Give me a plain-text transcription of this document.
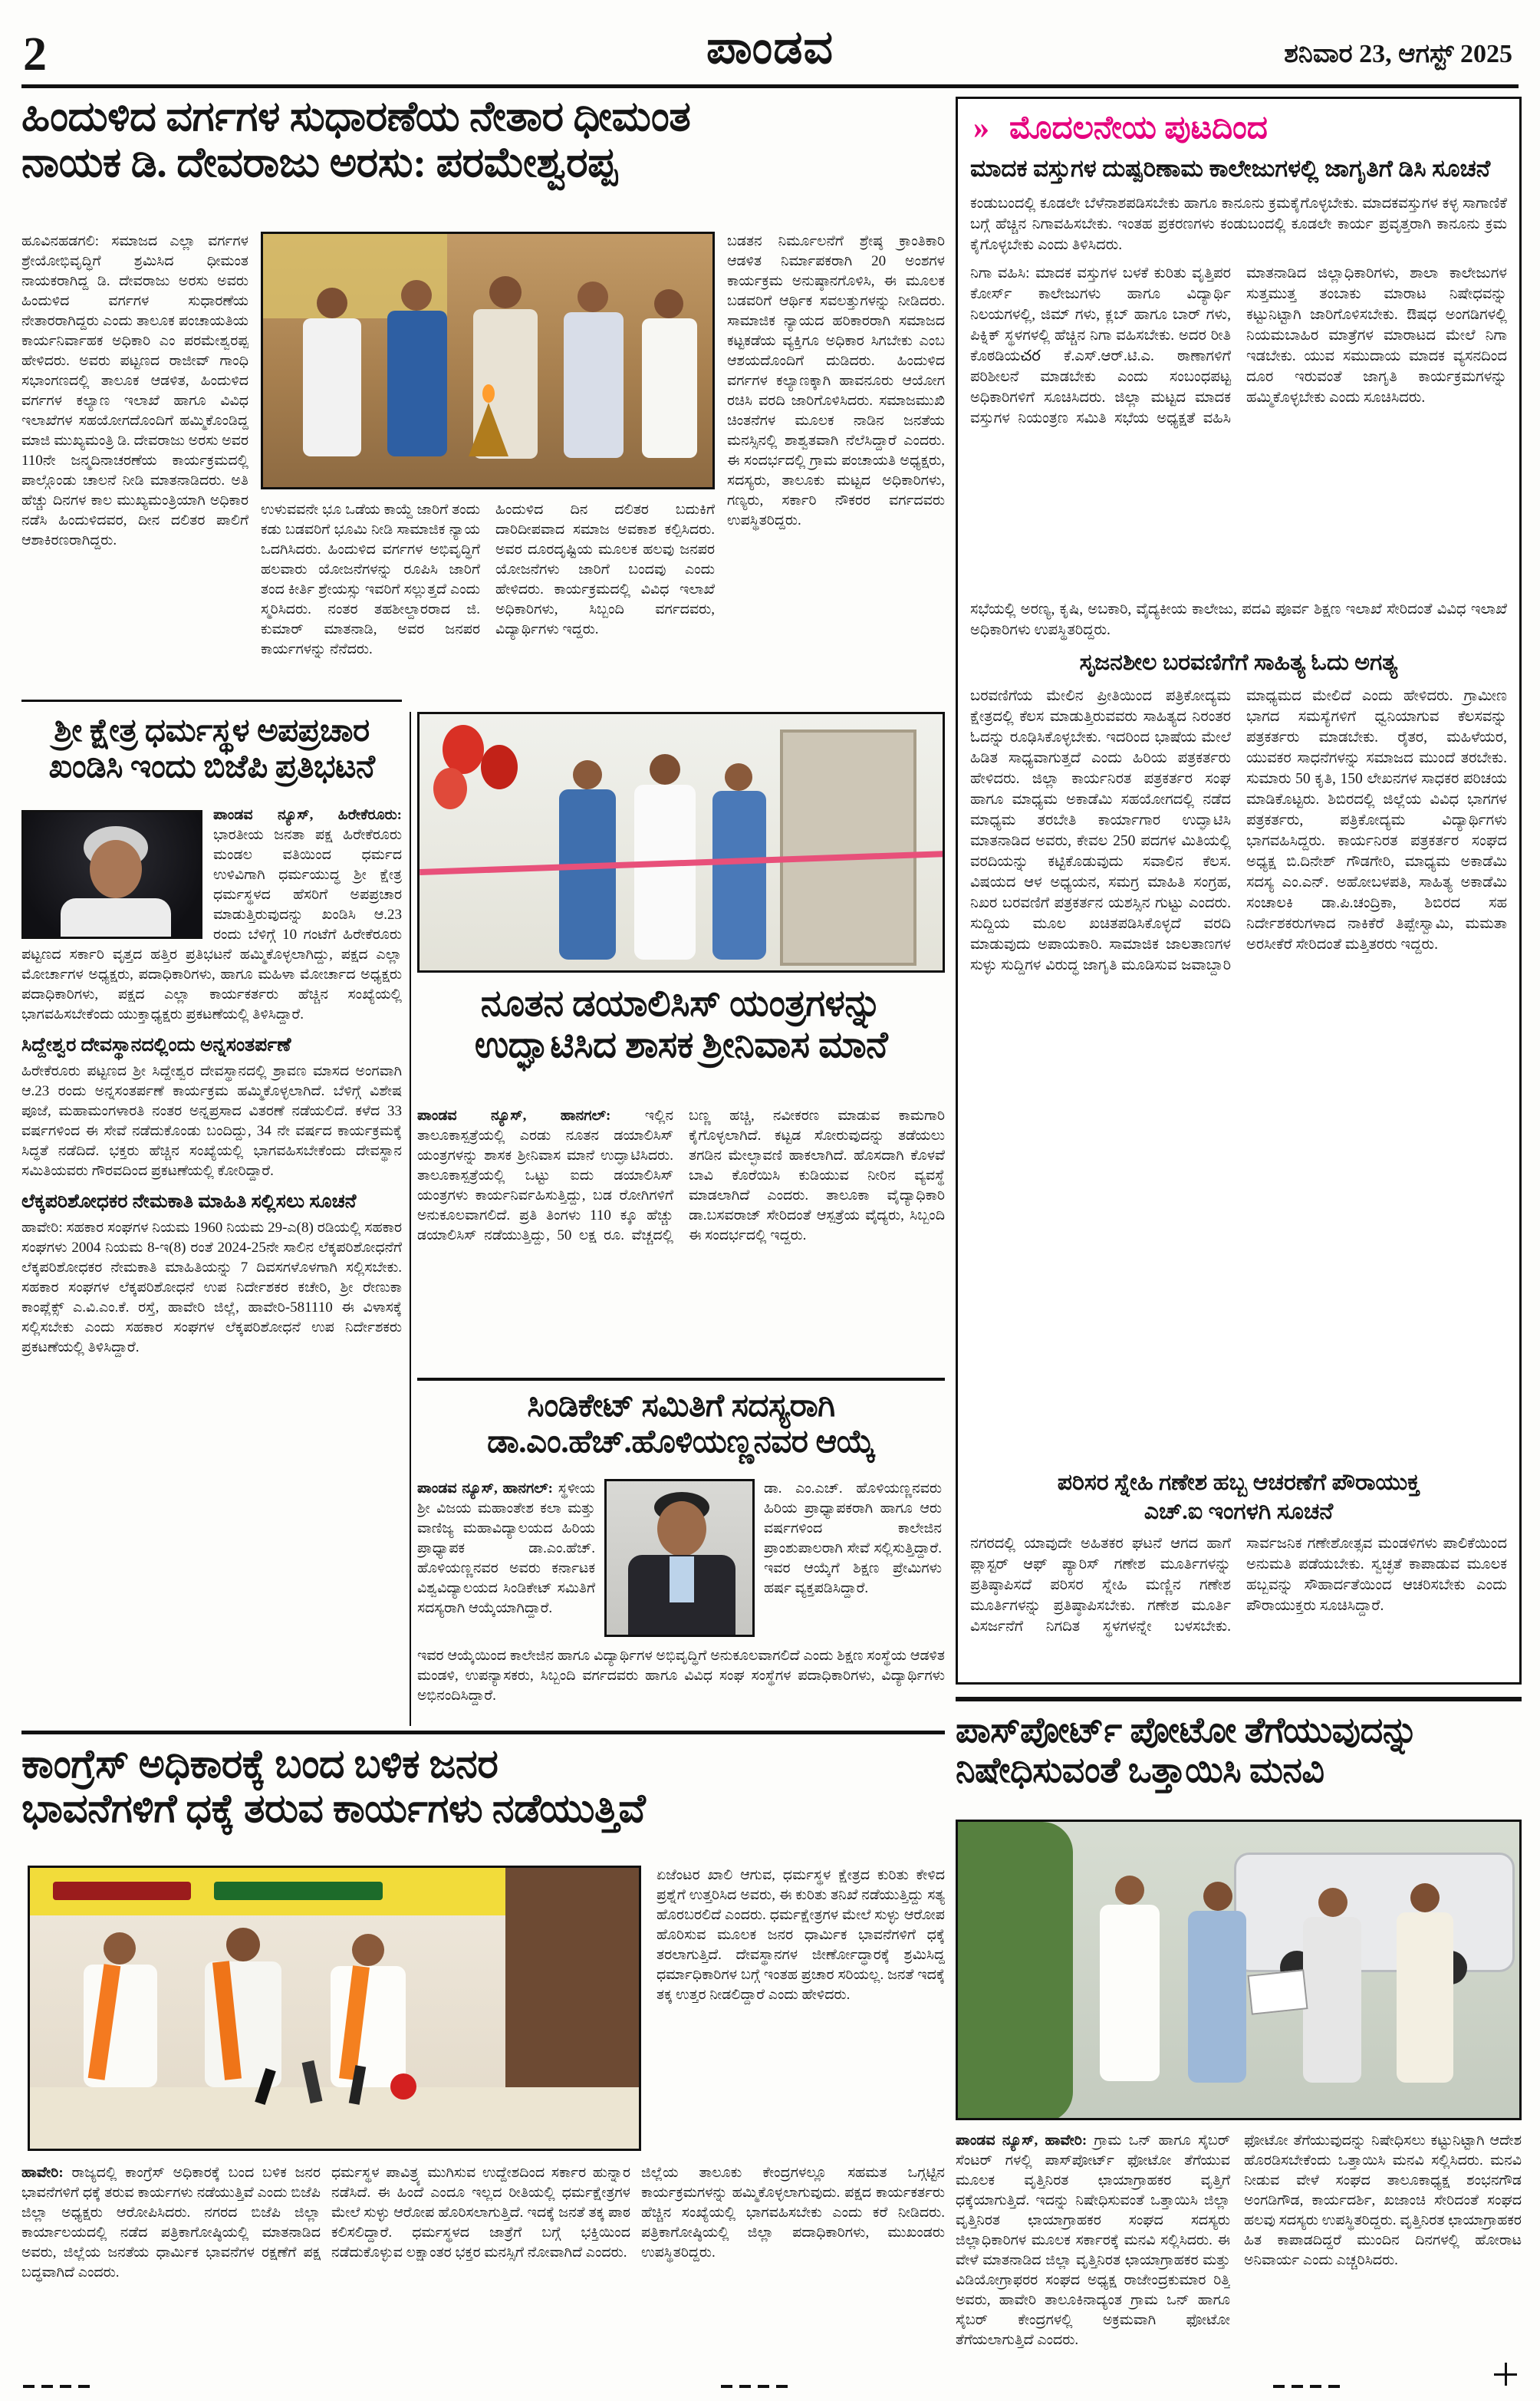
2	ಪಾಂಡವ	ಶನಿವಾರ 23, ಆಗಸ್ಟ್ 2025
ಹಿಂದುಳಿದ ವರ್ಗಗಳ ಸುಧಾರಣೆಯ ನೇತಾರ ಧೀಮಂತ
ನಾಯಕ ಡಿ. ದೇವರಾಜು ಅರಸು: ಪರಮೇಶ್ವರಪ್ಪ
ಹೂವಿನಹಡಗಲಿ: ಸಮಾಜದ ಎಲ್ಲಾ ವರ್ಗಗಳ ಶ್ರೇಯೋಭಿವೃದ್ಧಿಗೆ ಶ್ರಮಿಸಿದ ಧೀಮಂತ ನಾಯಕರಾಗಿದ್ದ ಡಿ. ದೇವರಾಜು ಅರಸು ಅವರು ಹಿಂದುಳಿದ ವರ್ಗಗಳ ಸುಧಾರಣೆಯ ನೇತಾರರಾಗಿದ್ದರು ಎಂದು ತಾಲೂಕ ಪಂಚಾಯತಿಯ ಕಾರ್ಯನಿರ್ವಾಹಕ ಅಧಿಕಾರಿ ಎಂ ಪರಮೇಶ್ವರಪ್ಪ ಹೇಳಿದರು. ಅವರು ಪಟ್ಟಣದ ರಾಜೀವ್ ಗಾಂಧಿ ಸಭಾಂಗಣದಲ್ಲಿ ತಾಲೂಕ ಆಡಳಿತ, ಹಿಂದುಳಿದ ವರ್ಗಗಳ ಕಲ್ಯಾಣ ಇಲಾಖೆ ಹಾಗೂ ವಿವಿಧ ಇಲಾಖೆಗಳ ಸಹಯೋಗದೊಂದಿಗೆ ಹಮ್ಮಿಕೊಂಡಿದ್ದ ಮಾಜಿ ಮುಖ್ಯಮಂತ್ರಿ ಡಿ. ದೇವರಾಜು ಅರಸು ಅವರ 110ನೇ ಜನ್ಮದಿನಾಚರಣೆಯ ಕಾರ್ಯಕ್ರಮದಲ್ಲಿ ಪಾಲ್ಗೊಂಡು ಚಾಲನೆ ನೀಡಿ ಮಾತನಾಡಿದರು. ಅತಿ ಹೆಚ್ಚು ದಿನಗಳ ಕಾಲ ಮುಖ್ಯಮಂತ್ರಿಯಾಗಿ ಅಧಿಕಾರ ನಡೆಸಿ ಹಿಂದುಳಿದವರ, ದೀನ ದಲಿತರ ಪಾಲಿಗೆ ಆಶಾಕಿರಣರಾಗಿದ್ದರು.
ಉಳುವವನೇ ಭೂ ಒಡೆಯ ಕಾಯ್ದೆ ಜಾರಿಗೆ ತಂದು ಕಡು ಬಡವರಿಗೆ ಭೂಮಿ ನೀಡಿ ಸಾಮಾಜಿಕ ನ್ಯಾಯ ಒದಗಿಸಿದರು. ಹಿಂದುಳಿದ ವರ್ಗಗಳ ಅಭಿವೃದ್ಧಿಗೆ ಹಲವಾರು ಯೋಜನೆಗಳನ್ನು ರೂಪಿಸಿ ಜಾರಿಗೆ ತಂದ ಕೀರ್ತಿ ಶ್ರೇಯಸ್ಸು ಇವರಿಗೆ ಸಲ್ಲುತ್ತದೆ ಎಂದು ಸ್ಮರಿಸಿದರು. ನಂತರ ತಹಶೀಲ್ದಾರರಾದ ಜಿ. ಕುಮಾರ್ ಮಾತನಾಡಿ, ಅವರ ಜನಪರ ಕಾರ್ಯಗಳನ್ನು ನೆನೆದರು.
ಹಿಂದುಳಿದ ದಿನ ದಲಿತರ ಬದುಕಿಗೆ ದಾರಿದೀಪವಾದ ಸಮಾಜ ಅವಕಾಶ ಕಲ್ಪಿಸಿದರು. ಅವರ ದೂರದೃಷ್ಟಿಯ ಮೂಲಕ ಹಲವು ಜನಪರ ಯೋಜನೆಗಳು ಜಾರಿಗೆ ಬಂದವು ಎಂದು ಹೇಳಿದರು. ಕಾರ್ಯಕ್ರಮದಲ್ಲಿ ವಿವಿಧ ಇಲಾಖೆ ಅಧಿಕಾರಿಗಳು, ಸಿಬ್ಬಂದಿ ವರ್ಗದವರು, ವಿದ್ಯಾರ್ಥಿಗಳು ಇದ್ದರು.
ಬಡತನ ನಿರ್ಮೂಲನೆಗೆ ಶ್ರೇಷ್ಠ ಕ್ರಾಂತಿಕಾರಿ ಆಡಳಿತ ನಿರ್ಮಾಪಕರಾಗಿ 20 ಅಂಶಗಳ ಕಾರ್ಯಕ್ರಮ ಅನುಷ್ಠಾನಗೊಳಿಸಿ, ಈ ಮೂಲಕ ಬಡವರಿಗೆ ಆರ್ಥಿಕ ಸವಲತ್ತುಗಳನ್ನು ನೀಡಿದರು. ಸಾಮಾಜಿಕ ನ್ಯಾಯದ ಹರಿಕಾರರಾಗಿ ಸಮಾಜದ ಕಟ್ಟಕಡೆಯ ವ್ಯಕ್ತಿಗೂ ಅಧಿಕಾರ ಸಿಗಬೇಕು ಎಂಬ ಆಶಯದೊಂದಿಗೆ ದುಡಿದರು. ಹಿಂದುಳಿದ ವರ್ಗಗಳ ಕಲ್ಯಾಣಕ್ಕಾಗಿ ಹಾವನೂರು ಆಯೋಗ ರಚಿಸಿ ವರದಿ ಜಾರಿಗೊಳಿಸಿದರು. ಸಮಾಜಮುಖಿ ಚಿಂತನೆಗಳ ಮೂಲಕ ನಾಡಿನ ಜನತೆಯ ಮನಸ್ಸಿನಲ್ಲಿ ಶಾಶ್ವತವಾಗಿ ನೆಲೆಸಿದ್ದಾರೆ ಎಂದರು. ಈ ಸಂದರ್ಭದಲ್ಲಿ ಗ್ರಾಮ ಪಂಚಾಯತಿ ಅಧ್ಯಕ್ಷರು, ಸದಸ್ಯರು, ತಾಲೂಕು ಮಟ್ಟದ ಅಧಿಕಾರಿಗಳು, ಗಣ್ಯರು, ಸರ್ಕಾರಿ ನೌಕರರ ವರ್ಗದವರು ಉಪಸ್ಥಿತರಿದ್ದರು.
ಶ್ರೀ ಕ್ಷೇತ್ರ ಧರ್ಮಸ್ಥಳ ಅಪಪ್ರಚಾರ
ಖಂಡಿಸಿ ಇಂದು ಬಿಜೆಪಿ ಪ್ರತಿಭಟನೆ

ಪಾಂಡವ ನ್ಯೂಸ್, ಹಿರೇಕೆರೂರು: ಭಾರತೀಯ ಜನತಾ ಪಕ್ಷ ಹಿರೇಕೆರೂರು ಮಂಡಲ ವತಿಯಿಂದ ಧರ್ಮದ ಉಳಿವಿಗಾಗಿ ಧರ್ಮಯುದ್ಧ ಶ್ರೀ ಕ್ಷೇತ್ರ ಧರ್ಮಸ್ಥಳದ ಹೆಸರಿಗೆ ಅಪಪ್ರಚಾರ ಮಾಡುತ್ತಿರುವುದನ್ನು ಖಂಡಿಸಿ ಆ.23 ರಂದು ಬೆಳಿಗ್ಗೆ 10 ಗಂಟೆಗೆ ಹಿರೇಕೆರೂರು ಪಟ್ಟಣದ ಸರ್ಕಾರಿ ವೃತ್ತದ ಹತ್ತಿರ ಪ್ರತಿಭಟನೆ ಹಮ್ಮಿಕೊಳ್ಳಲಾಗಿದ್ದು, ಪಕ್ಷದ ಎಲ್ಲಾ ಮೋರ್ಚಾಗಳ ಅಧ್ಯಕ್ಷರು, ಪದಾಧಿಕಾರಿಗಳು, ಹಾಗೂ ಮಹಿಳಾ ಮೋರ್ಚಾದ ಅಧ್ಯಕ್ಷರು ಪದಾಧಿಕಾರಿಗಳು, ಪಕ್ಷದ ಎಲ್ಲಾ ಕಾರ್ಯಕರ್ತರು ಹೆಚ್ಚಿನ ಸಂಖ್ಯೆಯಲ್ಲಿ ಭಾಗವಹಿಸಬೇಕೆಂದು ಯುಕ್ತಾಧ್ಯಕ್ಷರು ಪ್ರಕಟಣೆಯಲ್ಲಿ ತಿಳಿಸಿದ್ದಾರೆ.

ಸಿದ್ದೇಶ್ವರ ದೇವಸ್ಥಾನದಲ್ಲಿಂದು ಅನ್ನಸಂತರ್ಪಣೆ

ಹಿರೇಕೆರೂರು ಪಟ್ಟಣದ ಶ್ರೀ ಸಿದ್ದೇಶ್ವರ ದೇವಸ್ಥಾನದಲ್ಲಿ ಶ್ರಾವಣ ಮಾಸದ ಅಂಗವಾಗಿ ಆ.23 ರಂದು ಅನ್ನಸಂತರ್ಪಣೆ ಕಾರ್ಯಕ್ರಮ ಹಮ್ಮಿಕೊಳ್ಳಲಾಗಿದೆ. ಬೆಳಿಗ್ಗೆ ವಿಶೇಷ ಪೂಜೆ, ಮಹಾಮಂಗಳಾರತಿ ನಂತರ ಅನ್ನಪ್ರಸಾದ ವಿತರಣೆ ನಡೆಯಲಿದೆ. ಕಳೆದ 33 ವರ್ಷಗಳಿಂದ ಈ ಸೇವೆ ನಡೆದುಕೊಂಡು ಬಂದಿದ್ದು, 34 ನೇ ವರ್ಷದ ಕಾರ್ಯಕ್ರಮಕ್ಕೆ ಸಿದ್ಧತೆ ನಡೆದಿದೆ. ಭಕ್ತರು ಹೆಚ್ಚಿನ ಸಂಖ್ಯೆಯಲ್ಲಿ ಭಾಗವಹಿಸಬೇಕೆಂದು ದೇವಸ್ಥಾನ ಸಮಿತಿಯವರು ಗೌರವದಿಂದ ಪ್ರಕಟಣೆಯಲ್ಲಿ ಕೋರಿದ್ದಾರೆ.

ಲೆಕ್ಕಪರಿಶೋಧಕರ ನೇಮಕಾತಿ ಮಾಹಿತಿ ಸಲ್ಲಿಸಲು ಸೂಚನೆ

ಹಾವೇರಿ: ಸಹಕಾರ ಸಂಘಗಳ ನಿಯಮ 1960 ನಿಯಮ 29-ಎ(8) ರಡಿಯಲ್ಲಿ ಸಹಕಾರ ಸಂಘಗಳು 2004 ನಿಯಮ 8-ಇ(8) ರಂತೆ 2024-25ನೇ ಸಾಲಿನ ಲೆಕ್ಕಪರಿಶೋಧನೆಗೆ ಲೆಕ್ಕಪರಿಶೋಧಕರ ನೇಮಕಾತಿ ಮಾಹಿತಿಯನ್ನು 7 ದಿವಸಗಳೊಳಗಾಗಿ ಸಲ್ಲಿಸಬೇಕು. ಸಹಕಾರ ಸಂಘಗಳ ಲೆಕ್ಕಪರಿಶೋಧನೆ ಉಪ ನಿರ್ದೇಶಕರ ಕಚೇರಿ, ಶ್ರೀ ರೇಣುಕಾ ಕಾಂಪ್ಲೆಕ್ಸ್ ಎ.ವಿ.ಎಂ.ಕೆ. ರಸ್ತೆ, ಹಾವೇರಿ ಜಿಲ್ಲೆ, ಹಾವೇರಿ-581110 ಈ ವಿಳಾಸಕ್ಕೆ ಸಲ್ಲಿಸಬೇಕು ಎಂದು ಸಹಕಾರ ಸಂಘಗಳ ಲೆಕ್ಕಪರಿಶೋಧನೆ ಉಪ ನಿರ್ದೇಶಕರು ಪ್ರಕಟಣೆಯಲ್ಲಿ ತಿಳಿಸಿದ್ದಾರೆ.

ನೂತನ ಡಯಾಲಿಸಿಸ್ ಯಂತ್ರಗಳನ್ನು
ಉದ್ಘಾಟಿಸಿದ ಶಾಸಕ ಶ್ರೀನಿವಾಸ ಮಾನೆ

ಪಾಂಡವ ನ್ಯೂಸ್, ಹಾನಗಲ್: ಇಲ್ಲಿನ ತಾಲೂಕಾಸ್ಪತ್ರೆಯಲ್ಲಿ ಎರಡು ನೂತನ ಡಯಾಲಿಸಿಸ್ ಯಂತ್ರಗಳನ್ನು ಶಾಸಕ ಶ್ರೀನಿವಾಸ ಮಾನೆ ಉದ್ಘಾಟಿಸಿದರು. ತಾಲೂಕಾಸ್ಪತ್ರೆಯಲ್ಲಿ ಒಟ್ಟು ಐದು ಡಯಾಲಿಸಿಸ್ ಯಂತ್ರಗಳು ಕಾರ್ಯನಿರ್ವಹಿಸುತ್ತಿದ್ದು, ಬಡ ರೋಗಿಗಳಿಗೆ ಅನುಕೂಲವಾಗಲಿದೆ. ಪ್ರತಿ ತಿಂಗಳು 110 ಕ್ಕೂ ಹೆಚ್ಚು ಡಯಾಲಿಸಿಸ್ ನಡೆಯುತ್ತಿದ್ದು, 50 ಲಕ್ಷ ರೂ. ವೆಚ್ಚದಲ್ಲಿ ಬಣ್ಣ ಹಚ್ಚಿ, ನವೀಕರಣ ಮಾಡುವ ಕಾಮಗಾರಿ ಕೈಗೊಳ್ಳಲಾಗಿದೆ. ಕಟ್ಟಡ ಸೋರುವುದನ್ನು ತಡೆಯಲು ತಗಡಿನ ಮೇಲ್ಛಾವಣಿ ಹಾಕಲಾಗಿದೆ. ಹೊಸದಾಗಿ ಕೊಳವೆ ಬಾವಿ ಕೊರೆಯಿಸಿ ಕುಡಿಯುವ ನೀರಿನ ವ್ಯವಸ್ಥೆ ಮಾಡಲಾಗಿದೆ ಎಂದರು. ತಾಲೂಕಾ ವೈದ್ಯಾಧಿಕಾರಿ ಡಾ.ಬಸವರಾಜ್ ಸೇರಿದಂತೆ ಆಸ್ಪತ್ರೆಯ ವೈದ್ಯರು, ಸಿಬ್ಬಂದಿ ಈ ಸಂದರ್ಭದಲ್ಲಿ ಇದ್ದರು.

ಸಿಂಡಿಕೇಟ್ ಸಮಿತಿಗೆ ಸದಸ್ಯರಾಗಿ
ಡಾ.ಎಂ.ಹೆಚ್.ಹೊಳಿಯಣ್ಣನವರ ಆಯ್ಕೆ

ಪಾಂಡವ ನ್ಯೂಸ್, ಹಾನಗಲ್: ಸ್ಥಳೀಯ ಶ್ರೀ ವಿಜಯ ಮಹಾಂತೇಶ ಕಲಾ ಮತ್ತು ವಾಣಿಜ್ಯ ಮಹಾವಿದ್ಯಾಲಯದ ಹಿರಿಯ ಪ್ರಾಧ್ಯಾಪಕ ಡಾ.ಎಂ.ಹೆಚ್. ಹೊಳಿಯಣ್ಣನವರ ಅವರು ಕರ್ನಾಟಕ ವಿಶ್ವವಿದ್ಯಾಲಯದ ಸಿಂಡಿಕೇಟ್ ಸಮಿತಿಗೆ ಸದಸ್ಯರಾಗಿ ಆಯ್ಕೆಯಾಗಿದ್ದಾರೆ.

ಡಾ. ಎಂ.ಎಚ್. ಹೊಳಿಯಣ್ಣನವರು ಹಿರಿಯ ಪ್ರಾಧ್ಯಾಪಕರಾಗಿ ಹಾಗೂ ಆರು ವರ್ಷಗಳಿಂದ ಕಾಲೇಜಿನ ಪ್ರಾಂಶುಪಾಲರಾಗಿ ಸೇವೆ ಸಲ್ಲಿಸುತ್ತಿದ್ದಾರೆ. ಇವರ ಆಯ್ಕೆಗೆ ಶಿಕ್ಷಣ ಪ್ರೇಮಿಗಳು ಹರ್ಷ ವ್ಯಕ್ತಪಡಿಸಿದ್ದಾರೆ.
ಇವರ ಆಯ್ಕೆಯಿಂದ ಕಾಲೇಜಿನ ಹಾಗೂ ವಿದ್ಯಾರ್ಥಿಗಳ ಅಭಿವೃದ್ಧಿಗೆ ಅನುಕೂಲವಾಗಲಿದೆ ಎಂದು ಶಿಕ್ಷಣ ಸಂಸ್ಥೆಯ ಆಡಳಿತ ಮಂಡಳಿ, ಉಪನ್ಯಾಸಕರು, ಸಿಬ್ಬಂದಿ ವರ್ಗದವರು ಹಾಗೂ ವಿವಿಧ ಸಂಘ ಸಂಸ್ಥೆಗಳ ಪದಾಧಿಕಾರಿಗಳು, ವಿದ್ಯಾರ್ಥಿಗಳು ಅಭಿನಂದಿಸಿದ್ದಾರೆ.
ಕಾಂಗ್ರೆಸ್ ಅಧಿಕಾರಕ್ಕೆ ಬಂದ ಬಳಿಕ ಜನರ
ಭಾವನೆಗಳಿಗೆ ಧಕ್ಕೆ ತರುವ ಕಾರ್ಯಗಳು ನಡೆಯುತ್ತಿವೆ
ಏಜೆಂಟರ ಖಾಲಿ ಆಗುವ, ಧರ್ಮಸ್ಥಳ ಕ್ಷೇತ್ರದ ಕುರಿತು ಕೇಳಿದ ಪ್ರಶ್ನೆಗೆ ಉತ್ತರಿಸಿದ ಅವರು, ಈ ಕುರಿತು ತನಿಖೆ ನಡೆಯುತ್ತಿದ್ದು ಸತ್ಯ ಹೊರಬರಲಿದೆ ಎಂದರು. ಧರ್ಮಕ್ಷೇತ್ರಗಳ ಮೇಲೆ ಸುಳ್ಳು ಆರೋಪ ಹೊರಿಸುವ ಮೂಲಕ ಜನರ ಧಾರ್ಮಿಕ ಭಾವನೆಗಳಿಗೆ ಧಕ್ಕೆ ತರಲಾಗುತ್ತಿದೆ. ದೇವಸ್ಥಾನಗಳ ಜೀರ್ಣೋದ್ಧಾರಕ್ಕೆ ಶ್ರಮಿಸಿದ್ದ ಧರ್ಮಾಧಿಕಾರಿಗಳ ಬಗ್ಗೆ ಇಂತಹ ಪ್ರಚಾರ ಸರಿಯಲ್ಲ. ಜನತೆ ಇದಕ್ಕೆ ತಕ್ಕ ಉತ್ತರ ನೀಡಲಿದ್ದಾರೆ ಎಂದು ಹೇಳಿದರು.

ಹಾವೇರಿ: ರಾಜ್ಯದಲ್ಲಿ ಕಾಂಗ್ರೆಸ್ ಅಧಿಕಾರಕ್ಕೆ ಬಂದ ಬಳಿಕ ಜನರ ಭಾವನೆಗಳಿಗೆ ಧಕ್ಕೆ ತರುವ ಕಾರ್ಯಗಳು ನಡೆಯುತ್ತಿವೆ ಎಂದು ಬಿಜೆಪಿ ಜಿಲ್ಲಾ ಅಧ್ಯಕ್ಷರು ಆರೋಪಿಸಿದರು. ನಗರದ ಬಿಜೆಪಿ ಜಿಲ್ಲಾ ಕಾರ್ಯಾಲಯದಲ್ಲಿ ನಡೆದ ಪತ್ರಿಕಾಗೋಷ್ಠಿಯಲ್ಲಿ ಮಾತನಾಡಿದ ಅವರು, ಜಿಲ್ಲೆಯ ಜನತೆಯ ಧಾರ್ಮಿಕ ಭಾವನೆಗಳ ರಕ್ಷಣೆಗೆ ಪಕ್ಷ ಬದ್ಧವಾಗಿದೆ ಎಂದರು.

ಧರ್ಮಸ್ಥಳ ಪಾವಿತ್ರ್ಯ ಮುಗಿಸುವ ಉದ್ದೇಶದಿಂದ ಸರ್ಕಾರ ಹುನ್ನಾರ ನಡೆಸಿದೆ. ಈ ಹಿಂದೆ ಎಂದೂ ಇಲ್ಲದ ರೀತಿಯಲ್ಲಿ ಧರ್ಮಕ್ಷೇತ್ರಗಳ ಮೇಲೆ ಸುಳ್ಳು ಆರೋಪ ಹೊರಿಸಲಾಗುತ್ತಿದೆ. ಇದಕ್ಕೆ ಜನತೆ ತಕ್ಕ ಪಾಠ ಕಲಿಸಲಿದ್ದಾರೆ. ಧರ್ಮಸ್ಥಳದ ಜಾತ್ರೆಗೆ ಬಗ್ಗೆ ಭಕ್ತಿಯಿಂದ ನಡೆದುಕೊಳ್ಳುವ ಲಕ್ಷಾಂತರ ಭಕ್ತರ ಮನಸ್ಸಿಗೆ ನೋವಾಗಿದೆ ಎಂದರು.
ಜಿಲ್ಲೆಯ ತಾಲೂಕು ಕೇಂದ್ರಗಳಲ್ಲೂ ಸಹಮತ ಒಗ್ಗಟ್ಟಿನ ಕಾರ್ಯಕ್ರಮಗಳನ್ನು ಹಮ್ಮಿಕೊಳ್ಳಲಾಗುವುದು. ಪಕ್ಷದ ಕಾರ್ಯಕರ್ತರು ಹೆಚ್ಚಿನ ಸಂಖ್ಯೆಯಲ್ಲಿ ಭಾಗವಹಿಸಬೇಕು ಎಂದು ಕರೆ ನೀಡಿದರು. ಪತ್ರಿಕಾಗೋಷ್ಠಿಯಲ್ಲಿ ಜಿಲ್ಲಾ ಪದಾಧಿಕಾರಿಗಳು, ಮುಖಂಡರು ಉಪಸ್ಥಿತರಿದ್ದರು.
» ಮೊದಲನೇಯ ಪುಟದಿಂದ
ಮಾದಕ ವಸ್ತುಗಳ ದುಷ್ಪರಿಣಾಮ ಕಾಲೇಜುಗಳಲ್ಲಿ ಜಾಗೃತಿಗೆ ಡಿಸಿ ಸೂಚನೆ
ಕಂಡುಬಂದಲ್ಲಿ ಕೂಡಲೇ ಬೆಳೆನಾಶಪಡಿಸಬೇಕು ಹಾಗೂ ಕಾನೂನು ಕ್ರಮಕೈಗೊಳ್ಳಬೇಕು. ಮಾದಕವಸ್ತುಗಳ ಕಳ್ಳ ಸಾಗಾಣಿಕೆ ಬಗ್ಗೆ ಹೆಚ್ಚಿನ ನಿಗಾವಹಿಸಬೇಕು. ಇಂತಹ ಪ್ರಕರಣಗಳು ಕಂಡುಬಂದಲ್ಲಿ ಕೂಡಲೇ ಕಾರ್ಯ ಪ್ರವೃತ್ತರಾಗಿ ಕಾನೂನು ಕ್ರಮ ಕೈಗೊಳ್ಳಬೇಕು ಎಂದು ತಿಳಿಸಿದರು.
ನಿಗಾ ವಹಿಸಿ: ಮಾದಕ ವಸ್ತುಗಳ ಬಳಕೆ ಕುರಿತು ವೃತ್ತಿಪರ ಕೋರ್ಸ್ ಕಾಲೇಜುಗಳು ಹಾಗೂ ವಿದ್ಯಾರ್ಥಿ ನಿಲಯಗಳಲ್ಲಿ, ಜಿಮ್ ಗಳು, ಕ್ಲಬ್ ಹಾಗೂ ಬಾರ್ ಗಳು, ಪಿಕ್ನಿಕ್ ಸ್ಥಳಗಳಲ್ಲಿ ಹೆಚ್ಚಿನ ನಿಗಾ ವಹಿಸಬೇಕು. ಅದರ ರೀತಿ ಕೊಠಡಿಯచర ಕೆ.ಎಸ್.ಆರ್.ಟಿ.ಎ. ಠಾಣಾಗಳಿಗೆ ಪರಿಶೀಲನೆ ಮಾಡಬೇಕು ಎಂದು ಸಂಬಂಧಪಟ್ಟ ಅಧಿಕಾರಿಗಳಿಗೆ ಸೂಚಿಸಿದರು. ಜಿಲ್ಲಾ ಮಟ್ಟದ ಮಾದಕ ವಸ್ತುಗಳ ನಿಯಂತ್ರಣ ಸಮಿತಿ ಸಭೆಯ ಅಧ್ಯಕ್ಷತೆ ವಹಿಸಿ ಮಾತನಾಡಿದ ಜಿಲ್ಲಾಧಿಕಾರಿಗಳು, ಶಾಲಾ ಕಾಲೇಜುಗಳ ಸುತ್ತಮುತ್ತ ತಂಬಾಕು ಮಾರಾಟ ನಿಷೇಧವನ್ನು ಕಟ್ಟುನಿಟ್ಟಾಗಿ ಜಾರಿಗೊಳಿಸಬೇಕು. ಔಷಧ ಅಂಗಡಿಗಳಲ್ಲಿ ನಿಯಮಬಾಹಿರ ಮಾತ್ರೆಗಳ ಮಾರಾಟದ ಮೇಲೆ ನಿಗಾ ಇಡಬೇಕು. ಯುವ ಸಮುದಾಯ ಮಾದಕ ವ್ಯಸನದಿಂದ ದೂರ ಇರುವಂತೆ ಜಾಗೃತಿ ಕಾರ್ಯಕ್ರಮಗಳನ್ನು ಹಮ್ಮಿಕೊಳ್ಳಬೇಕು ಎಂದು ಸೂಚಿಸಿದರು.
ಸಭೆಯಲ್ಲಿ ಅರಣ್ಯ, ಕೃಷಿ, ಅಬಕಾರಿ, ವೈದ್ಯಕೀಯ ಕಾಲೇಜು, ಪದವಿ ಪೂರ್ವ ಶಿಕ್ಷಣ ಇಲಾಖೆ ಸೇರಿದಂತೆ ವಿವಿಧ ಇಲಾಖೆ ಅಧಿಕಾರಿಗಳು ಉಪಸ್ಥಿತರಿದ್ದರು.
ಸೃಜನಶೀಲ ಬರವಣಿಗೆಗೆ ಸಾಹಿತ್ಯ ಓದು ಅಗತ್ಯ
ಬರವಣಿಗೆಯ ಮೇಲಿನ ಪ್ರೀತಿಯಿಂದ ಪತ್ರಿಕೋದ್ಯಮ ಕ್ಷೇತ್ರದಲ್ಲಿ ಕೆಲಸ ಮಾಡುತ್ತಿರುವವರು ಸಾಹಿತ್ಯದ ನಿರಂತರ ಓದನ್ನು ರೂಢಿಸಿಕೊಳ್ಳಬೇಕು. ಇದರಿಂದ ಭಾಷೆಯ ಮೇಲೆ ಹಿಡಿತ ಸಾಧ್ಯವಾಗುತ್ತದೆ ಎಂದು ಹಿರಿಯ ಪತ್ರಕರ್ತರು ಹೇಳಿದರು. ಜಿಲ್ಲಾ ಕಾರ್ಯನಿರತ ಪತ್ರಕರ್ತರ ಸಂಘ ಹಾಗೂ ಮಾಧ್ಯಮ ಅಕಾಡೆಮಿ ಸಹಯೋಗದಲ್ಲಿ ನಡೆದ ಮಾಧ್ಯಮ ತರಬೇತಿ ಕಾರ್ಯಾಗಾರ ಉದ್ಘಾಟಿಸಿ ಮಾತನಾಡಿದ ಅವರು, ಕೇವಲ 250 ಪದಗಳ ಮಿತಿಯಲ್ಲಿ ವರದಿಯನ್ನು ಕಟ್ಟಿಕೊಡುವುದು ಸವಾಲಿನ ಕೆಲಸ. ವಿಷಯದ ಆಳ ಅಧ್ಯಯನ, ಸಮಗ್ರ ಮಾಹಿತಿ ಸಂಗ್ರಹ, ನಿಖರ ಬರವಣಿಗೆ ಪತ್ರಕರ್ತನ ಯಶಸ್ಸಿನ ಗುಟ್ಟು ಎಂದರು. ಸುದ್ದಿಯ ಮೂಲ ಖಚಿತಪಡಿಸಿಕೊಳ್ಳದೆ ವರದಿ ಮಾಡುವುದು ಅಪಾಯಕಾರಿ. ಸಾಮಾಜಿಕ ಜಾಲತಾಣಗಳ ಸುಳ್ಳು ಸುದ್ದಿಗಳ ವಿರುದ್ಧ ಜಾಗೃತಿ ಮೂಡಿಸುವ ಜವಾಬ್ದಾರಿ ಮಾಧ್ಯಮದ ಮೇಲಿದೆ ಎಂದು ಹೇಳಿದರು. ಗ್ರಾಮೀಣ ಭಾಗದ ಸಮಸ್ಯೆಗಳಿಗೆ ಧ್ವನಿಯಾಗುವ ಕೆಲಸವನ್ನು ಪತ್ರಕರ್ತರು ಮಾಡಬೇಕು. ರೈತರ, ಮಹಿಳೆಯರ, ಯುವಕರ ಸಾಧನೆಗಳನ್ನು ಸಮಾಜದ ಮುಂದೆ ತರಬೇಕು. ಸುಮಾರು 50 ಕೃತಿ, 150 ಲೇಖನಗಳ ಸಾಧಕರ ಪರಿಚಯ ಮಾಡಿಕೊಟ್ಟರು. ಶಿಬಿರದಲ್ಲಿ ಜಿಲ್ಲೆಯ ವಿವಿಧ ಭಾಗಗಳ ಪತ್ರಕರ್ತರು, ಪತ್ರಿಕೋದ್ಯಮ ವಿದ್ಯಾರ್ಥಿಗಳು ಭಾಗವಹಿಸಿದ್ದರು. ಕಾರ್ಯನಿರತ ಪತ್ರಕರ್ತರ ಸಂಘದ ಅಧ್ಯಕ್ಷ ಬಿ.ದಿನೇಶ್ ಗೌಡಗೇರಿ, ಮಾಧ್ಯಮ ಅಕಾಡೆಮಿ ಸದಸ್ಯ ಎಂ.ಎನ್. ಅಹೋಬಳಪತಿ, ಸಾಹಿತ್ಯ ಅಕಾಡೆಮಿ ಸಂಚಾಲಕಿ ಡಾ.ಪಿ.ಚಂದ್ರಿಕಾ, ಶಿಬಿರದ ಸಹ ನಿರ್ದೇಶಕರುಗಳಾದ ನಾಕಿಕೆರೆ ತಿಪ್ಪೇಸ್ವಾಮಿ, ಮಮತಾ ಅರಸೀಕೆರೆ ಸೇರಿದಂತೆ ಮತ್ತಿತರರು ಇದ್ದರು.
ಪರಿಸರ ಸ್ನೇಹಿ ಗಣೇಶ ಹಬ್ಬ ಆಚರಣೆಗೆ ಪೌರಾಯುಕ್ತ
ಎಚ್.ಐ ಇಂಗಳಗಿ ಸೂಚನೆ
ನಗರದಲ್ಲಿ ಯಾವುದೇ ಅಹಿತಕರ ಘಟನೆ ಆಗದ ಹಾಗೆ ಪ್ಲಾಸ್ಟರ್ ಆಫ್ ಪ್ಯಾರಿಸ್ ಗಣೇಶ ಮೂರ್ತಿಗಳನ್ನು ಪ್ರತಿಷ್ಠಾಪಿಸದೆ ಪರಿಸರ ಸ್ನೇಹಿ ಮಣ್ಣಿನ ಗಣೇಶ ಮೂರ್ತಿಗಳನ್ನು ಪ್ರತಿಷ್ಠಾಪಿಸಬೇಕು. ಗಣೇಶ ಮೂರ್ತಿ ವಿಸರ್ಜನೆಗೆ ನಿಗದಿತ ಸ್ಥಳಗಳನ್ನೇ ಬಳಸಬೇಕು. ಸಾರ್ವಜನಿಕ ಗಣೇಶೋತ್ಸವ ಮಂಡಳಿಗಳು ಪಾಲಿಕೆಯಿಂದ ಅನುಮತಿ ಪಡೆಯಬೇಕು. ಸ್ವಚ್ಛತೆ ಕಾಪಾಡುವ ಮೂಲಕ ಹಬ್ಬವನ್ನು ಸೌಹಾರ್ದತೆಯಿಂದ ಆಚರಿಸಬೇಕು ಎಂದು ಪೌರಾಯುಕ್ತರು ಸೂಚಿಸಿದ್ದಾರೆ.
ಪಾಸ್‌ಪೋರ್ಟ್ ಪೋಟೋ ತೆಗೆಯುವುದನ್ನು
ನಿಷೇಧಿಸುವಂತೆ ಒತ್ತಾಯಿಸಿ ಮನವಿ

ಪಾಂಡವ ನ್ಯೂಸ್, ಹಾವೇರಿ: ಗ್ರಾಮ ಒನ್ ಹಾಗೂ ಸೈಬರ್ ಸೆಂಟರ್ ಗಳಲ್ಲಿ ಪಾಸ್‌ಪೋರ್ಟ್ ಫೋಟೋ ತೆಗೆಯುವ ಮೂಲಕ ವೃತ್ತಿನಿರತ ಛಾಯಾಗ್ರಾಹಕರ ವೃತ್ತಿಗೆ ಧಕ್ಕೆಯಾಗುತ್ತಿದೆ. ಇದನ್ನು ನಿಷೇಧಿಸುವಂತೆ ಒತ್ತಾಯಿಸಿ ಜಿಲ್ಲಾ ವೃತ್ತಿನಿರತ ಛಾಯಾಗ್ರಾಹಕರ ಸಂಘದ ಸದಸ್ಯರು ಜಿಲ್ಲಾಧಿಕಾರಿಗಳ ಮೂಲಕ ಸರ್ಕಾರಕ್ಕೆ ಮನವಿ ಸಲ್ಲಿಸಿದರು. ಈ ವೇಳೆ ಮಾತನಾಡಿದ ಜಿಲ್ಲಾ ವೃತ್ತಿನಿರತ ಛಾಯಾಗ್ರಾಹಕರ ಮತ್ತು ವಿಡಿಯೋಗ್ರಾಫರರ ಸಂಘದ ಅಧ್ಯಕ್ಷ ರಾಜೇಂದ್ರಕುಮಾರ ರಿತ್ತಿ ಅವರು, ಹಾವೇರಿ ತಾಲೂಕಿನಾದ್ಯಂತ ಗ್ರಾಮ ಒನ್ ಹಾಗೂ ಸೈಬರ್ ಕೇಂದ್ರಗಳಲ್ಲಿ ಅಕ್ರಮವಾಗಿ ಫೋಟೋ ತೆಗೆಯಲಾಗುತ್ತಿದೆ ಎಂದರು.

ಫೋಟೋ ತೆಗೆಯುವುದನ್ನು ನಿಷೇಧಿಸಲು ಕಟ್ಟುನಿಟ್ಟಾಗಿ ಆದೇಶ ಹೊರಡಿಸಬೇಕೆಂದು ಒತ್ತಾಯಿಸಿ ಮನವಿ ಸಲ್ಲಿಸಿದರು. ಮನವಿ ನೀಡುವ ವೇಳೆ ಸಂಘದ ತಾಲೂಕಾಧ್ಯಕ್ಷ ಶಂಭನಗೌಡ ಅಂಗಡಿಗೌಡ, ಕಾರ್ಯದರ್ಶಿ, ಖಜಾಂಚಿ ಸೇರಿದಂತೆ ಸಂಘದ ಹಲವು ಸದಸ್ಯರು ಉಪಸ್ಥಿತರಿದ್ದರು. ವೃತ್ತಿನಿರತ ಛಾಯಾಗ್ರಾಹಕರ ಹಿತ ಕಾಪಾಡದಿದ್ದರೆ ಮುಂದಿನ ದಿನಗಳಲ್ಲಿ ಹೋರಾಟ ಅನಿವಾರ್ಯ ಎಂದು ಎಚ್ಚರಿಸಿದರು.
